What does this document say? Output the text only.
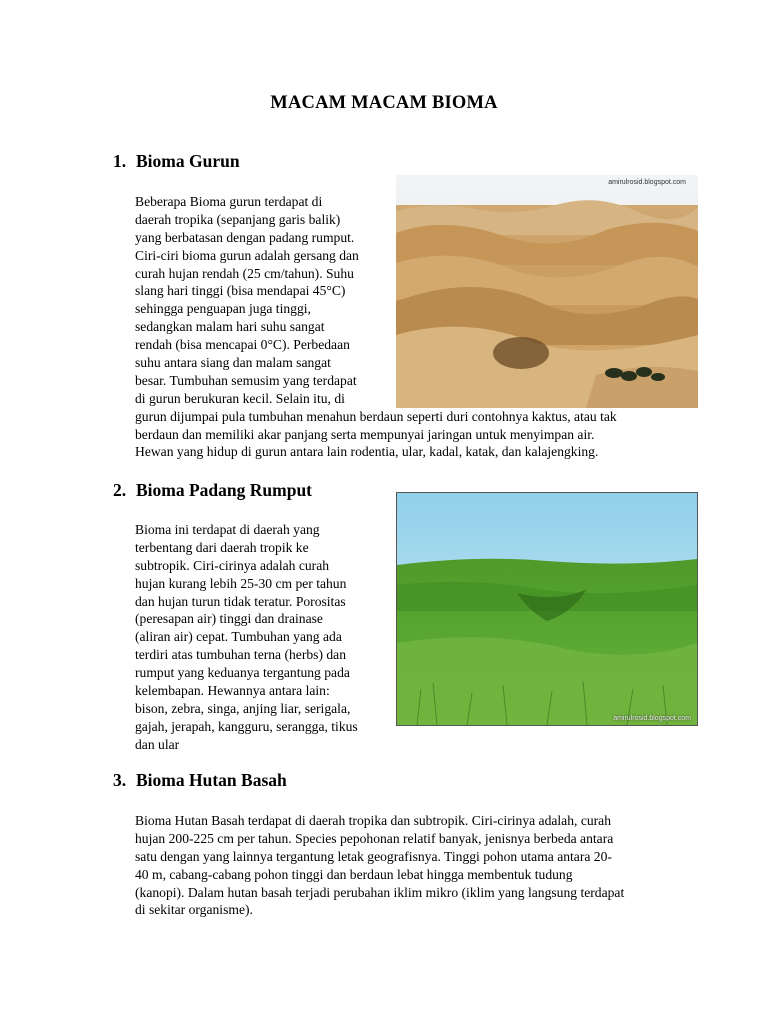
MACAM MACAM BIOMA
1. Bioma Gurun
Beberapa Bioma gurun terdapat di
daerah tropika (sepanjang garis balik)
yang berbatasan dengan padang rumput.
Ciri-ciri bioma gurun adalah gersang dan
curah hujan rendah (25 cm/tahun). Suhu
slang hari tinggi (bisa mendapai 45°C)
sehingga penguapan juga tinggi,
sedangkan malam hari suhu sangat
rendah (bisa mencapai 0°C). Perbedaan
suhu antara siang dan malam sangat
besar. Tumbuhan semusim yang terdapat
di gurun berukuran kecil. Selain itu, di
gurun dijumpai pula tumbuhan menahun berdaun seperti duri contohnya kaktus, atau tak
berdaun dan memiliki akar panjang serta mempunyai jaringan untuk menyimpan air.
Hewan yang hidup di gurun antara lain rodentia, ular, kadal, katak, dan kalajengking.
amirulrosid.blogspot.com
2. Bioma Padang Rumput
Bioma ini terdapat di daerah yang
terbentang dari daerah tropik ke
subtropik. Ciri-cirinya adalah curah
hujan kurang lebih 25-30 cm per tahun
dan hujan turun tidak teratur. Porositas
(peresapan air) tinggi dan drainase
(aliran air) cepat. Tumbuhan yang ada
terdiri atas tumbuhan terna (herbs) dan
rumput yang keduanya tergantung pada
kelembapan. Hewannya antara lain:
bison, zebra, singa, anjing liar, serigala,
gajah, jerapah, kangguru, serangga, tikus
dan ular
amirulrosid.blogspot.com
3. Bioma Hutan Basah
Bioma Hutan Basah terdapat di daerah tropika dan subtropik. Ciri-cirinya adalah, curah
hujan 200-225 cm per tahun. Species pepohonan relatif banyak, jenisnya berbeda antara
satu dengan yang lainnya tergantung letak geografisnya. Tinggi pohon utama antara 20-
40 m, cabang-cabang pohon tinggi dan berdaun lebat hingga membentuk tudung
(kanopi). Dalam hutan basah terjadi perubahan iklim mikro (iklim yang langsung terdapat
di sekitar organisme).
